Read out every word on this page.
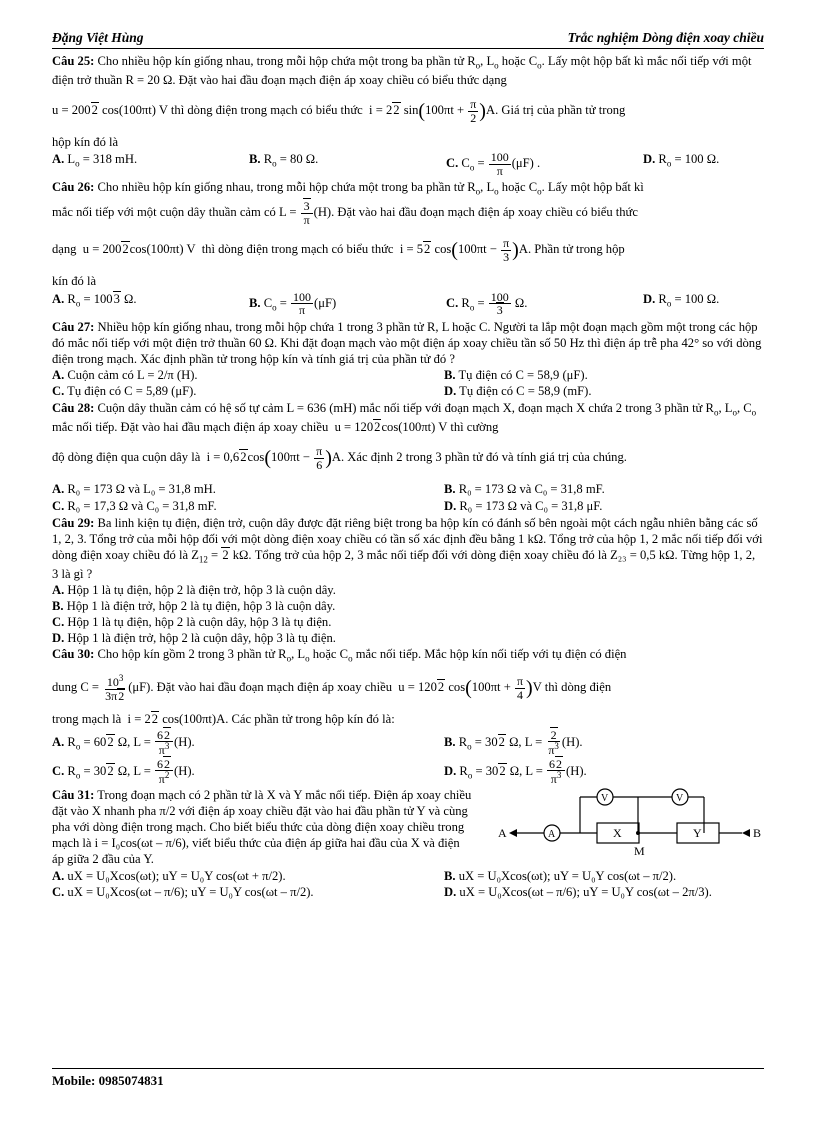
Đặng Việt Hùng	Trắc nghiệm Dòng điện xoay chiều

Câu 25: Cho nhiều hộp kín giống nhau, trong mỗi hộp chứa một trong ba phần tử $R_o$, $L_o$ hoặc $C_o$. Lấy một hộp bất kì mắc nối tiếp với một điện trở thuần R = 20 Ω. Đặt vào hai đầu đoạn mạch điện áp xoay chiều có biểu thức dạng

u = 2002 cos(100πt) V thì dòng điện trong mạch có biểu thức  i = 22 $\sin(100\pi t + \frac{\pi}{2} )A$. Giá trị của phần tử trong

hộp kín đó là

A. $L_o = 318$ mH.	B. $R_o = 80$ Ω.	C. $C_o = \frac{100}{\pi} (\mu F)$ .	D. $R_o = 100$ Ω.

Câu 26: Cho nhiều hộp kín giống nhau, trong mỗi hộp chứa một trong ba phần tử $R_o$, $L_o$ hoặc $C_o$. Lấy một hộp bất kì

mắc nối tiếp với một cuộn dây thuần cảm có $L = \frac{3}{\pi} (H)$. Đặt vào hai đầu đoạn mạch điện áp xoay chiều có biểu thức

dạng  u = 2002cos(100πt) V  thì dòng điện trong mạch có biểu thức  i = 52 $\cos(100\pi t - \frac{\pi}{3} )A$. Phần tử trong hộp

kín đó là

A. $R_o = 1003$ Ω.	B. $C_o = \frac{100}{\pi} (\mu F)$	C. $R_o = \frac{100}{3} \Omega$.	D. $R_o = 100$ Ω.

Câu 27: Nhiều hộp kín giống nhau, trong mỗi hộp chứa 1 trong 3 phần tử R, L hoặc C. Người ta lắp một đoạn mạch gồm một trong các hộp đó mắc nối tiếp với một điện trở thuần 60 Ω. Khi đặt đoạn mạch vào một điện áp xoay chiều tần số 50 Hz thì điện áp trễ pha 42° so với dòng điện trong mạch. Xác định phần tử trong hộp kín và tính giá trị của phần tử đó ?

A. Cuộn cảm có L = 2/π (H).	B. Tụ điện có C = 58,9 (μF).
C. Tụ điện có C = 5,89 (μF).	D. Tụ điện có C = 58,9 (mF).

Câu 28: Cuộn dây thuần cảm có hệ số tự cảm L = 636 (mH) mắc nối tiếp với đoạn mạch X, đoạn mạch X chứa 2 trong 3 phần tử $R_o$, $L_o$, $C_o$ mắc nối tiếp. Đặt vào hai đầu mạch điện áp xoay chiều  u = 1202cos(100πt) V thì cường

độ dòng điện qua cuộn dây là  $i = 0,62\cos(100\pi t - \frac{\pi}{6} )A$. Xác định 2 trong 3 phần tử đó và tính giá trị của chúng.

A. R₀ = 173 Ω và L₀ = 31,8 mH.	B. R₀ = 173 Ω và C₀ = 31,8 mF.
C. R₀ = 17,3 Ω và C₀ = 31,8 mF.	D. R₀ = 173 Ω và C₀ = 31,8 μF.

Câu 29: Ba linh kiện tụ điện, điện trở, cuộn dây được đặt riêng biệt trong ba hộp kín có đánh số bên ngoài một cách ngẫu nhiên bằng các số 1, 2, 3. Tổng trở của mỗi hộp đối với một dòng điện xoay chiều có tần số xác định đều bằng 1 kΩ. Tổng trở của hộp 1, 2 mắc nối tiếp đối với dòng điện xoay chiều đó là $Z_{12} = 2$ kΩ. Tổng trở của hộp 2, 3 mắc nối tiếp đối với dòng điện xoay chiều đó là Z₂₃ = 0,5 kΩ. Từng hộp 1, 2, 3 là gì ?

A. Hộp 1 là tụ điện, hộp 2 là điện trở, hộp 3 là cuộn dây.

B. Hộp 1 là điện trở, hộp 2 là tụ điện, hộp 3 là cuộn dây.

C. Hộp 1 là tụ điện, hộp 2 là cuộn dây, hộp 3 là tụ điện.

D. Hộp 1 là điện trở, hộp 2 là cuộn dây, hộp 3 là tụ điện.

Câu 30: Cho hộp kín gồm 2 trong 3 phần tử $R_o$, $L_o$ hoặc $C_o$ mắc nối tiếp. Mắc hộp kín nối tiếp với tụ điện có điện

dung $C = \frac{10^3}{3\pi 2} (\mu F)$. Đặt vào hai đầu đoạn mạch điện áp xoay chiều  u = 1202 $\cos(100\pi t + \frac{\pi}{4} )V$ thì dòng điện

trong mạch là  i = 22 cos(100πt)A. Các phần tử trong hộp kín đó là:

A. $R_o = 602$ Ω, $L = \frac{62}{\pi^3} (H)$.	B. $R_o = 302$ Ω, $L = \frac{2}{\pi^3} (H)$.
C. $R_o = 302$ Ω, $L = \frac{62}{\pi^2} (H)$.	D. $R_o = 302$ Ω, $L = \frac{62}{\pi^3} (H)$.

Câu 31: Trong đoạn mạch có 2 phần tử là X và Y mắc nối tiếp. Điện áp xoay chiều đặt vào X nhanh pha π/2 với điện áp xoay chiều đặt vào hai đầu phần tử Y và cùng pha với dòng điện trong mạch. Cho biết biểu thức của dòng điện xoay chiều trong mạch là i = I₀cos(ωt – π/6), viết biểu thức của điện áp giữa hai đầu của X và điện áp giữa 2 đầu của Y.

A	B
M
X	Y
A
V	V
A. uX = U₀Xcos(ωt); uY = U₀Y cos(ωt + π/2).	B. uX = U₀Xcos(ωt); uY = U₀Y cos(ωt – π/2).
C. uX = U₀Xcos(ωt – π/6); uY = U₀Y cos(ωt – π/2).	D. uX = U₀Xcos(ωt – π/6); uY = U₀Y cos(ωt – 2π/3).
Mobile: 0985074831
